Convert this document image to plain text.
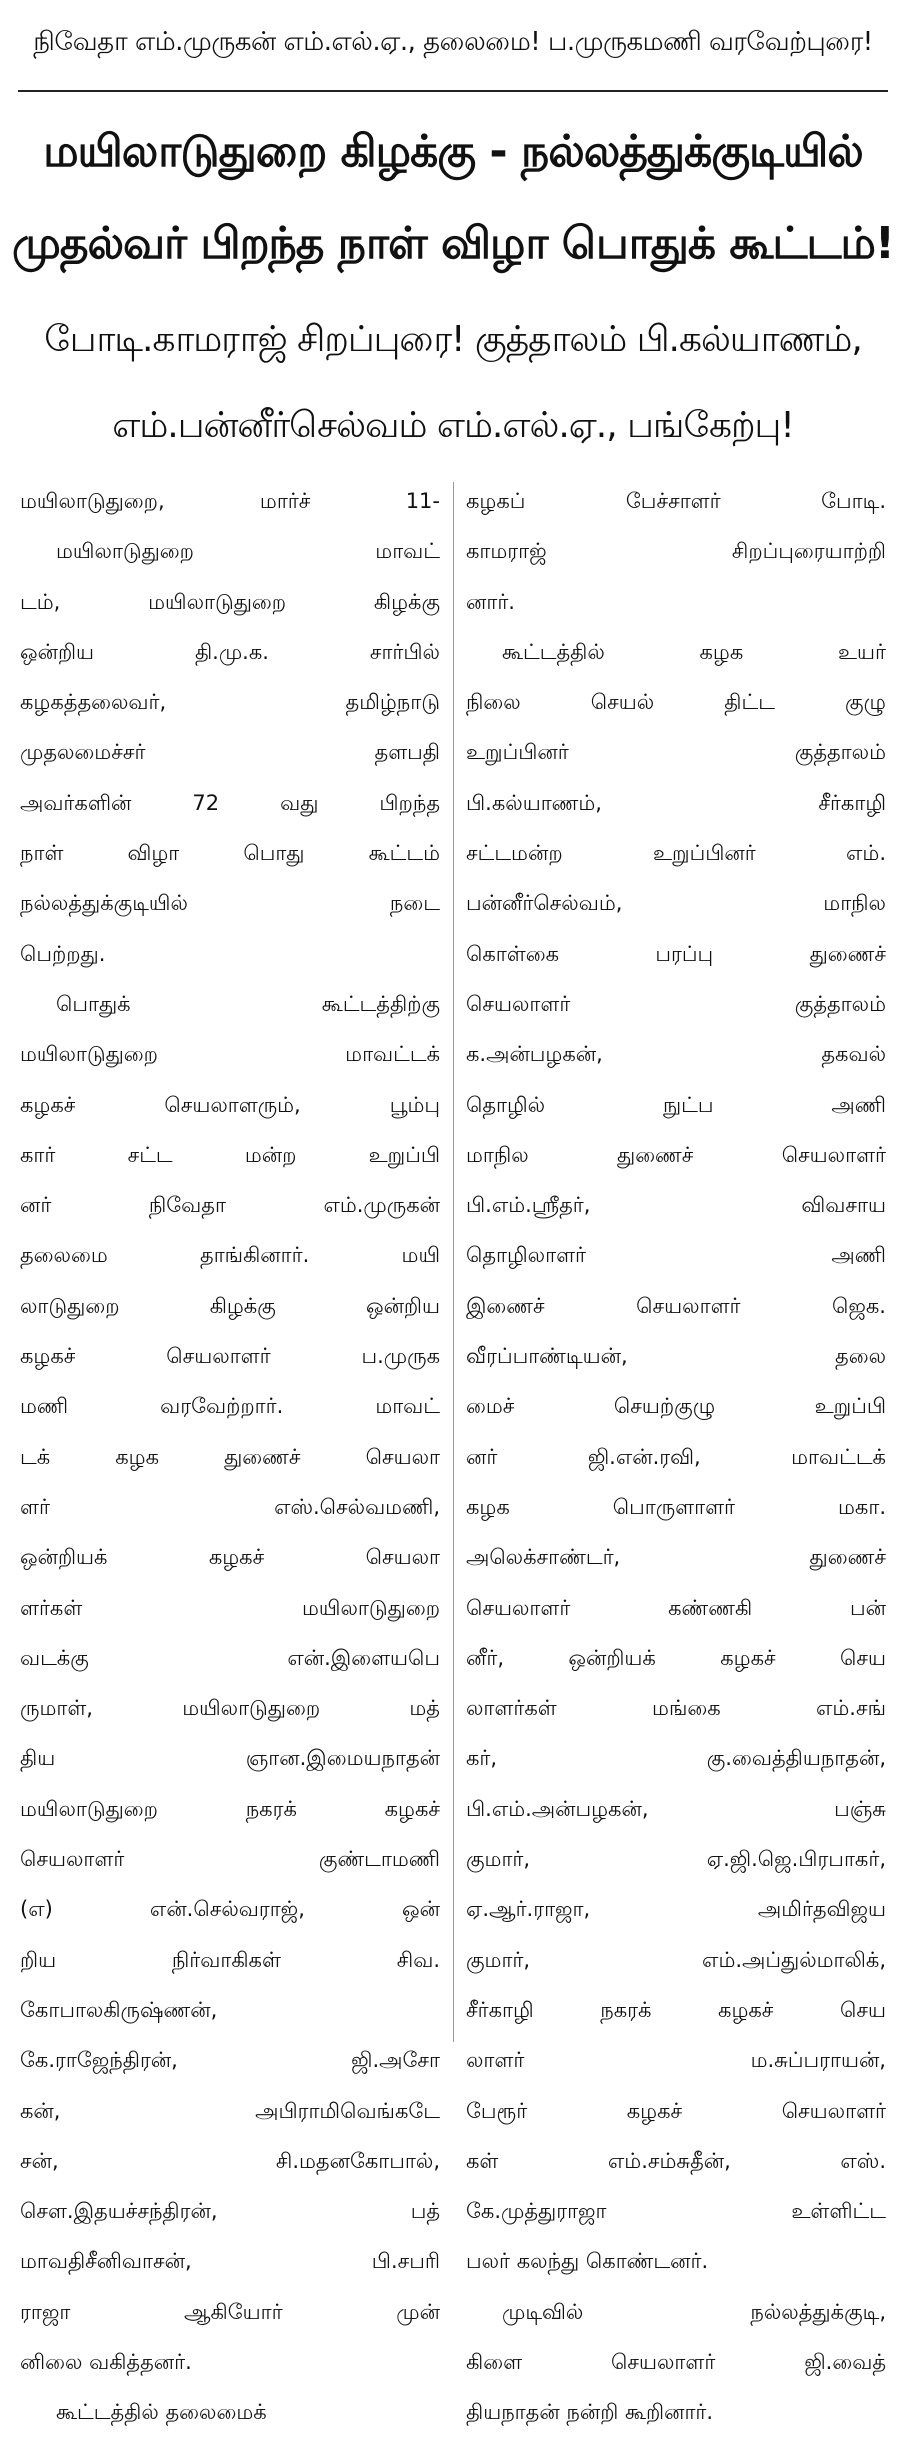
நிவேதா எம்.முருகன் எம்.எல்.ஏ., தலைமை! ப.முருகமணி வரவேற்புரை!
மயிலாடுதுறை கிழக்கு - நல்லத்துக்குடியில்
முதல்வர் பிறந்த நாள் விழா பொதுக் கூட்டம்!
போடி.காமராஜ் சிறப்புரை! குத்தாலம் பி.கல்யாணம்,
எம்.பன்னீர்செல்வம் எம்.எல்.ஏ., பங்கேற்பு!
மயிலாடுதுறை, மார்ச் 11-
மயிலாடுதுறை மாவட்
டம், மயிலாடுதுறை கிழக்கு
ஒன்றிய தி.மு.க. சார்பில்
கழகத்தலைவர், தமிழ்நாடு
முதலமைச்சர் தளபதி
அவர்களின் 72 வது பிறந்த
நாள் விழா பொது கூட்டம்
நல்லத்துக்குடியில் நடை
பெற்றது.
பொதுக் கூட்டத்திற்கு
மயிலாடுதுறை மாவட்டக்
கழகச் செயலாளரும், பூம்பு
கார் சட்ட மன்ற உறுப்பி
னர் நிவேதா எம்.முருகன்
தலைமை தாங்கினார். மயி
லாடுதுறை கிழக்கு ஒன்றிய
கழகச் செயலாளர் ப.முருக
மணி வரவேற்றார். மாவட்
டக் கழக துணைச் செயலா
ளர் எஸ்.செல்வமணி,
ஒன்றியக் கழகச் செயலா
ளர்கள் மயிலாடுதுறை
வடக்கு என்.இளையபெ
ருமாள், மயிலாடுதுறை மத்
திய ஞான.இமையநாதன்
மயிலாடுதுறை நகரக் கழகச்
செயலாளர் குண்டாமணி
(எ) என்.செல்வராஜ், ஒன்
றிய நிர்வாகிகள் சிவ.
கோபாலகிருஷ்ணன்,
கே.ராஜேந்திரன், ஜி.அசோ
கன், அபிராமிவெங்கடே
சன், சி.மதனகோபால்,
சௌ.இதயச்சந்திரன், பத்
மாவதிசீனிவாசன், பி.சபரி
ராஜா ஆகியோர் முன்
னிலை வகித்தனர்.
கூட்டத்தில் தலைமைக்
கழகப் பேச்சாளர் போடி.
காமராஜ் சிறப்புரையாற்றி
னார்.
கூட்டத்தில் கழக உயர்
நிலை செயல் திட்ட குழு
உறுப்பினர் குத்தாலம்
பி.கல்யாணம், சீர்காழி
சட்டமன்ற உறுப்பினர் எம்.
பன்னீர்செல்வம், மாநில
கொள்கை பரப்பு துணைச்
செயலாளர் குத்தாலம்
க.அன்பழகன், தகவல்
தொழில் நுட்ப அணி
மாநில துணைச் செயலாளர்
பி.எம்.ஸ்ரீதர், விவசாய
தொழிலாளர் அணி
இணைச் செயலாளர் ஜெக.
வீரப்பாண்டியன், தலை
மைச் செயற்குழு உறுப்பி
னர் ஜி.என்.ரவி, மாவட்டக்
கழக பொருளாளர் மகா.
அலெக்சாண்டர், துணைச்
செயலாளர் கண்ணகி பன்
னீர், ஒன்றியக் கழகச் செய
லாளர்கள் மங்கை எம்.சங்
கர், கு.வைத்தியநாதன்,
பி.எம்.அன்பழகன், பஞ்சு
குமார், ஏ.ஜி.ஜெ.பிரபாகர்,
ஏ.ஆர்.ராஜா, அமிர்தவிஜய
குமார், எம்.அப்துல்மாலிக்,
சீர்காழி நகரக் கழகச் செய
லாளர் ம.சுப்பராயன்,
பேரூர் கழகச் செயலாளர்
கள் எம்.சம்சுதீன், எஸ்.
கே.முத்துராஜா உள்ளிட்ட
பலர் கலந்து கொண்டனர்.
முடிவில் நல்லத்துக்குடி,
கிளை செயலாளர் ஜி.வைத்
தியநாதன் நன்றி கூறினார்.
